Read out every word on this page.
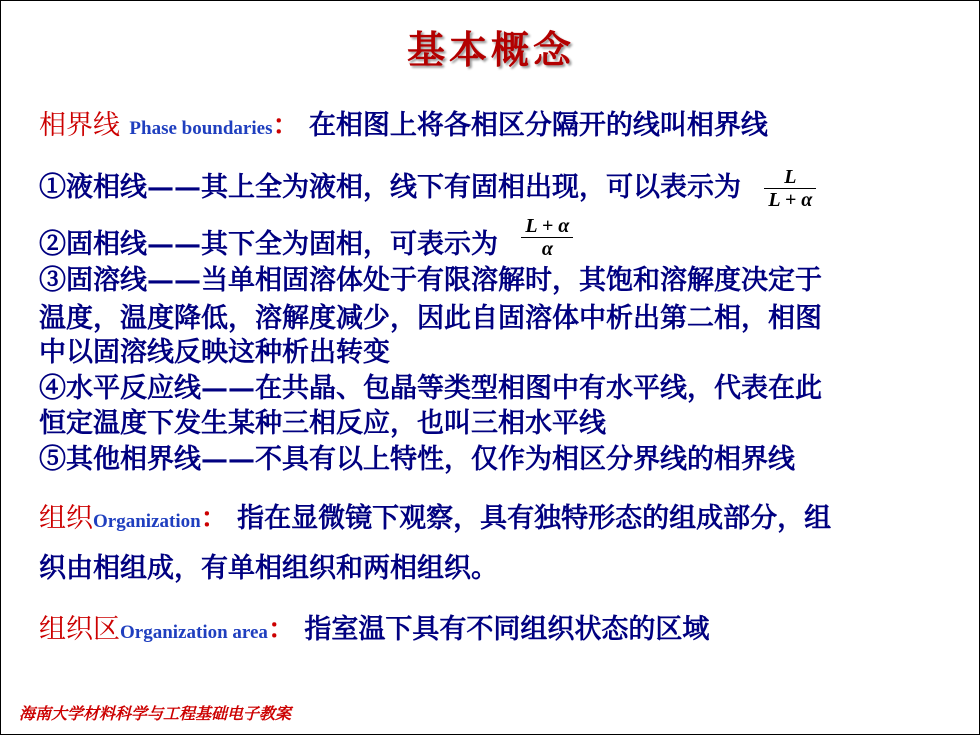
基本概念
相界线 Phase boundaries： 在相图上将各相区分隔开的线叫相界线
①液相线——其上全为液相，线下有固相出现，可以表示为 $\frac{L}{L + \alpha}$
②固相线——其下全为固相，可表示为 $\frac{L + \alpha}{\alpha}$
③固溶线——当单相固溶体处于有限溶解时，其饱和溶解度决定于
温度，温度降低，溶解度减少，因此自固溶体中析出第二相，相图
中以固溶线反映这种析出转变
④水平反应线——在共晶、包晶等类型相图中有水平线，代表在此
恒定温度下发生某种三相反应，也叫三相水平线
⑤其他相界线——不具有以上特性，仅作为相区分界线的相界线
组织Organization： 指在显微镜下观察，具有独特形态的组成部分，组
织由相组成，有单相组织和两相组织。
组织区Organization area： 指室温下具有不同组织状态的区域
海南大学材料科学与工程基础电子教案
